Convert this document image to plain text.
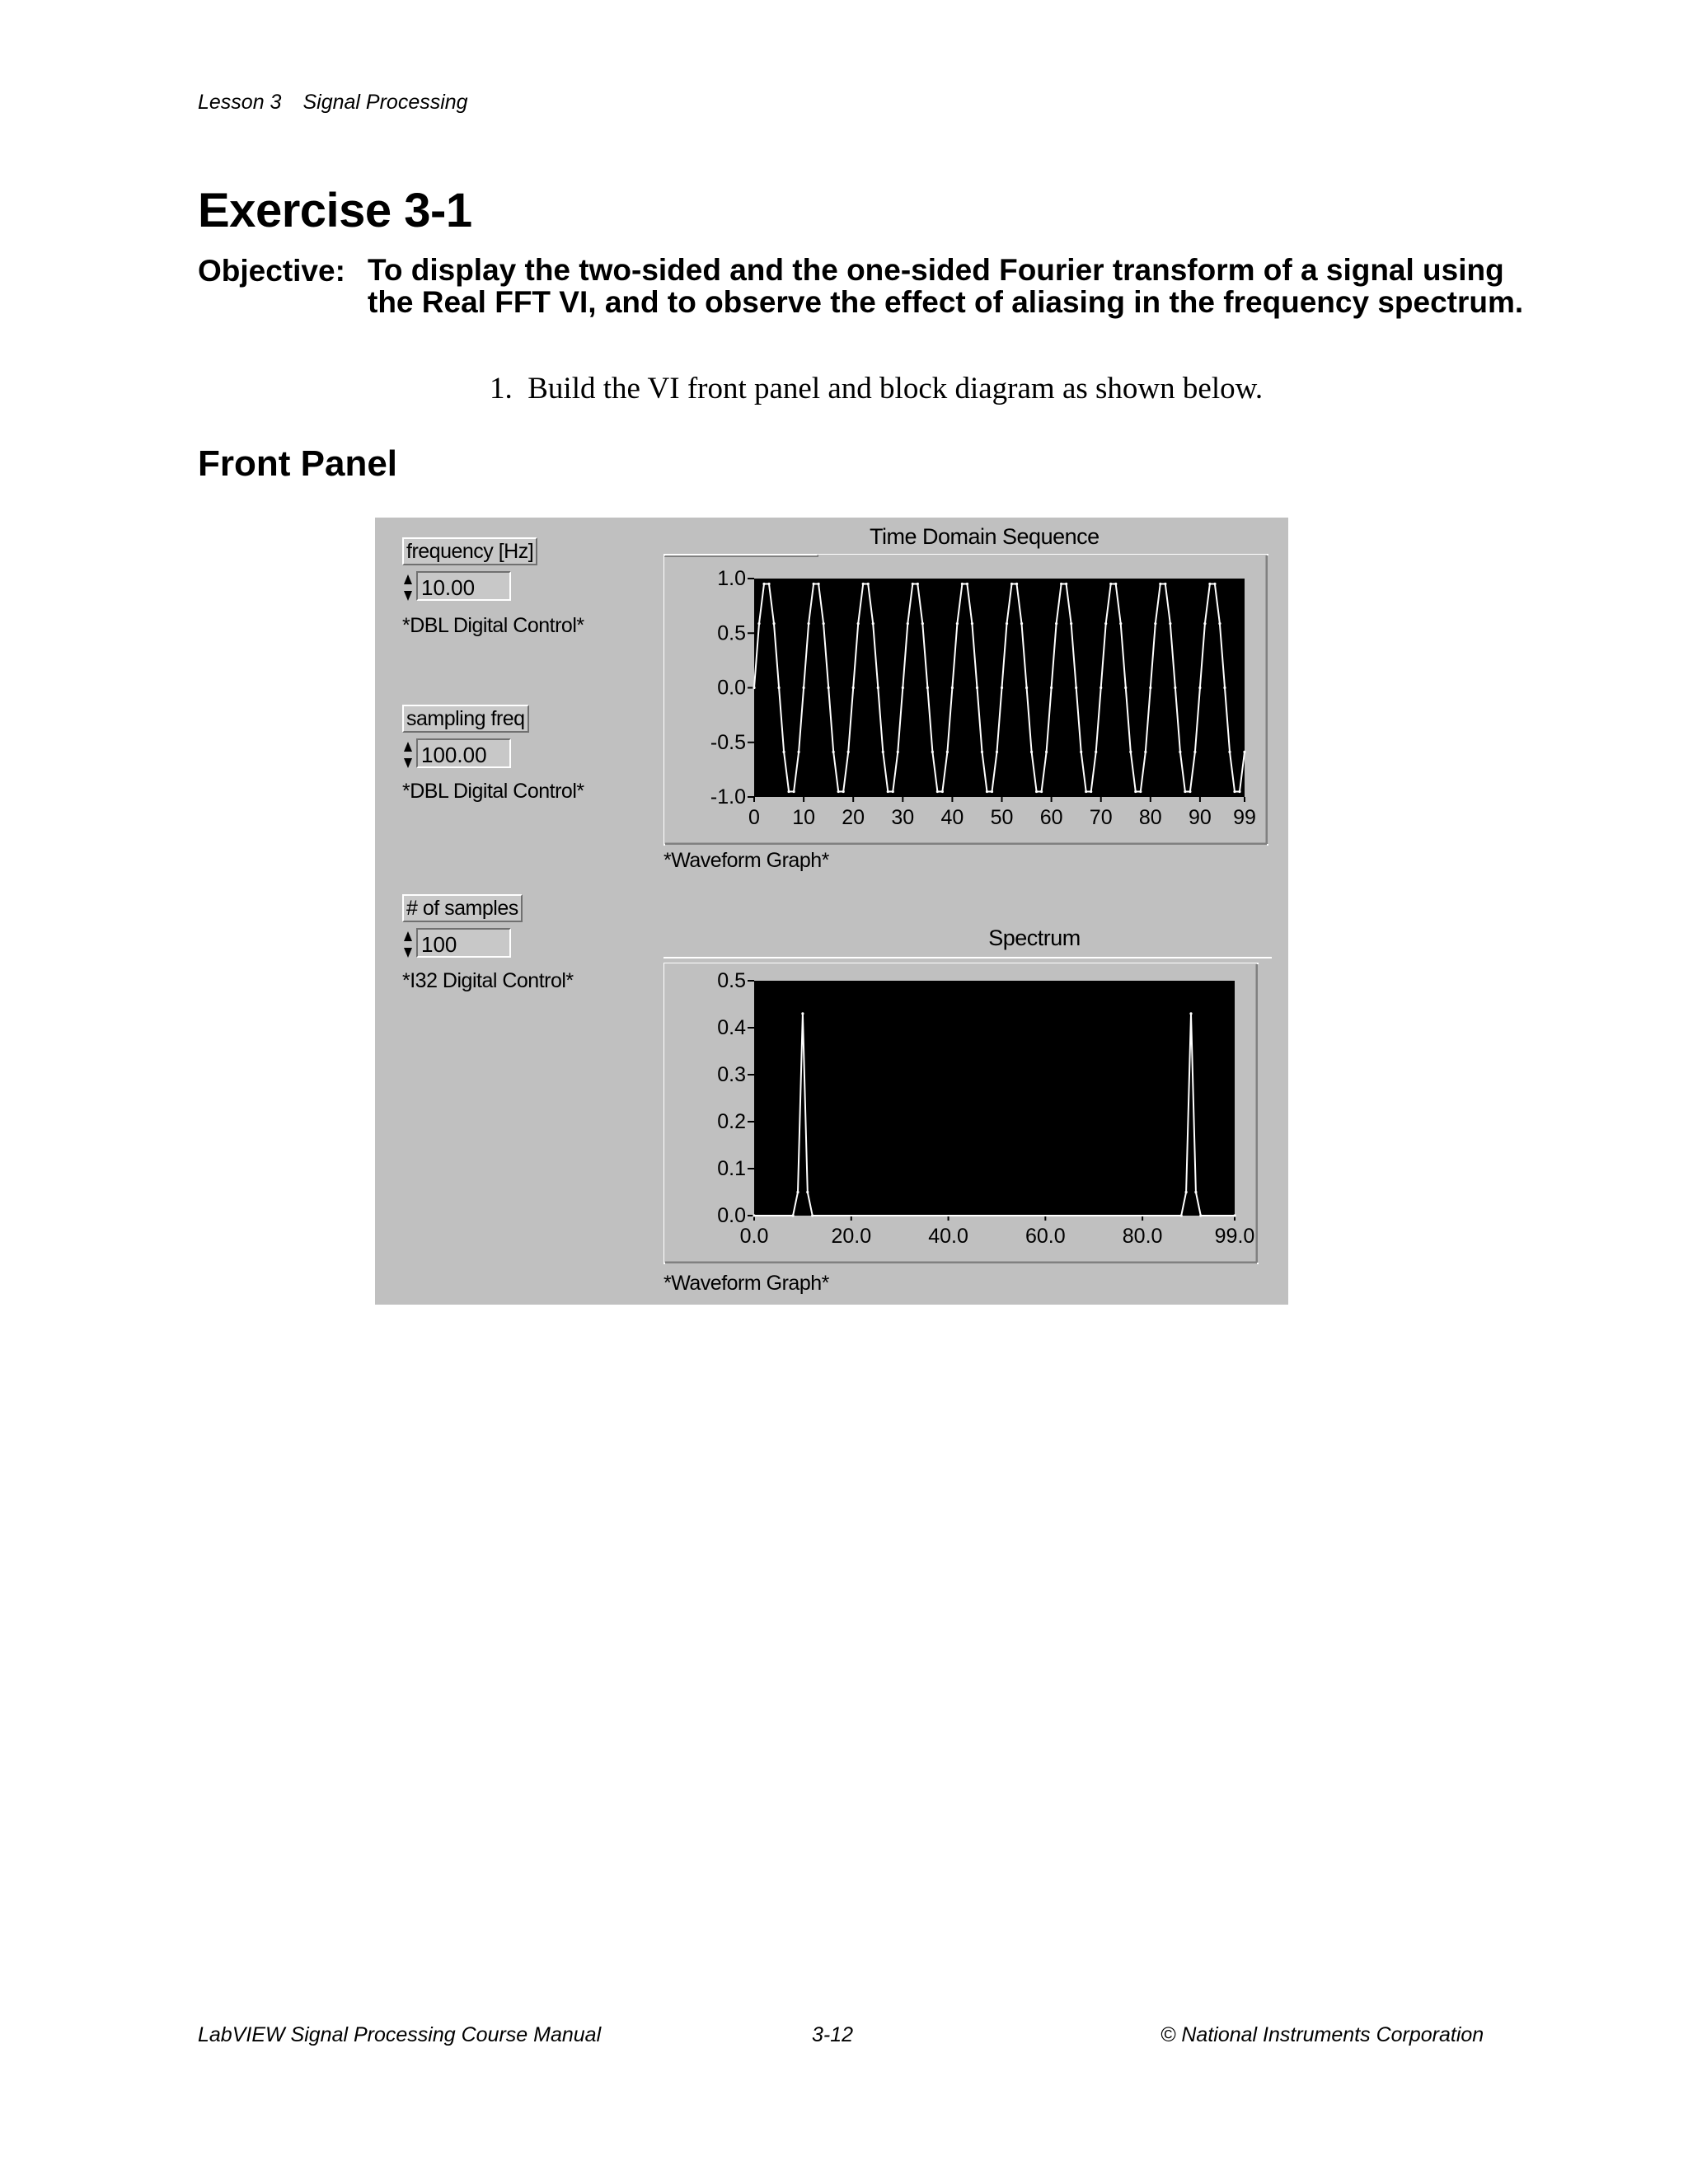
Lesson 3 Signal Processing
Exercise 3-1
Objective: To display the two-sided and the one-sided Fourier transform of a signal using the Real FFT VI, and to observe the effect of aliasing in the frequency spectrum.
1.  Build the VI front panel and block diagram as shown below.
Front Panel
frequency [Hz]
10.00
*DBL Digital Control*
sampling freq
100.00
*DBL Digital Control*
# of samples
100
*I32 Digital Control*
Time Domain Sequence
1.0
0.5
0.0
-0.5
-1.0
0 10 20 30 40 50 60 70 80 90 99
*Waveform Graph*
Spectrum
0.5
0.4
0.3
0.2
0.1
0.0
0.0	20.0	40.0	60.0	80.0	99.0
*Waveform Graph*
LabVIEW Signal Processing Course Manual	3-12	© National Instruments Corporation
